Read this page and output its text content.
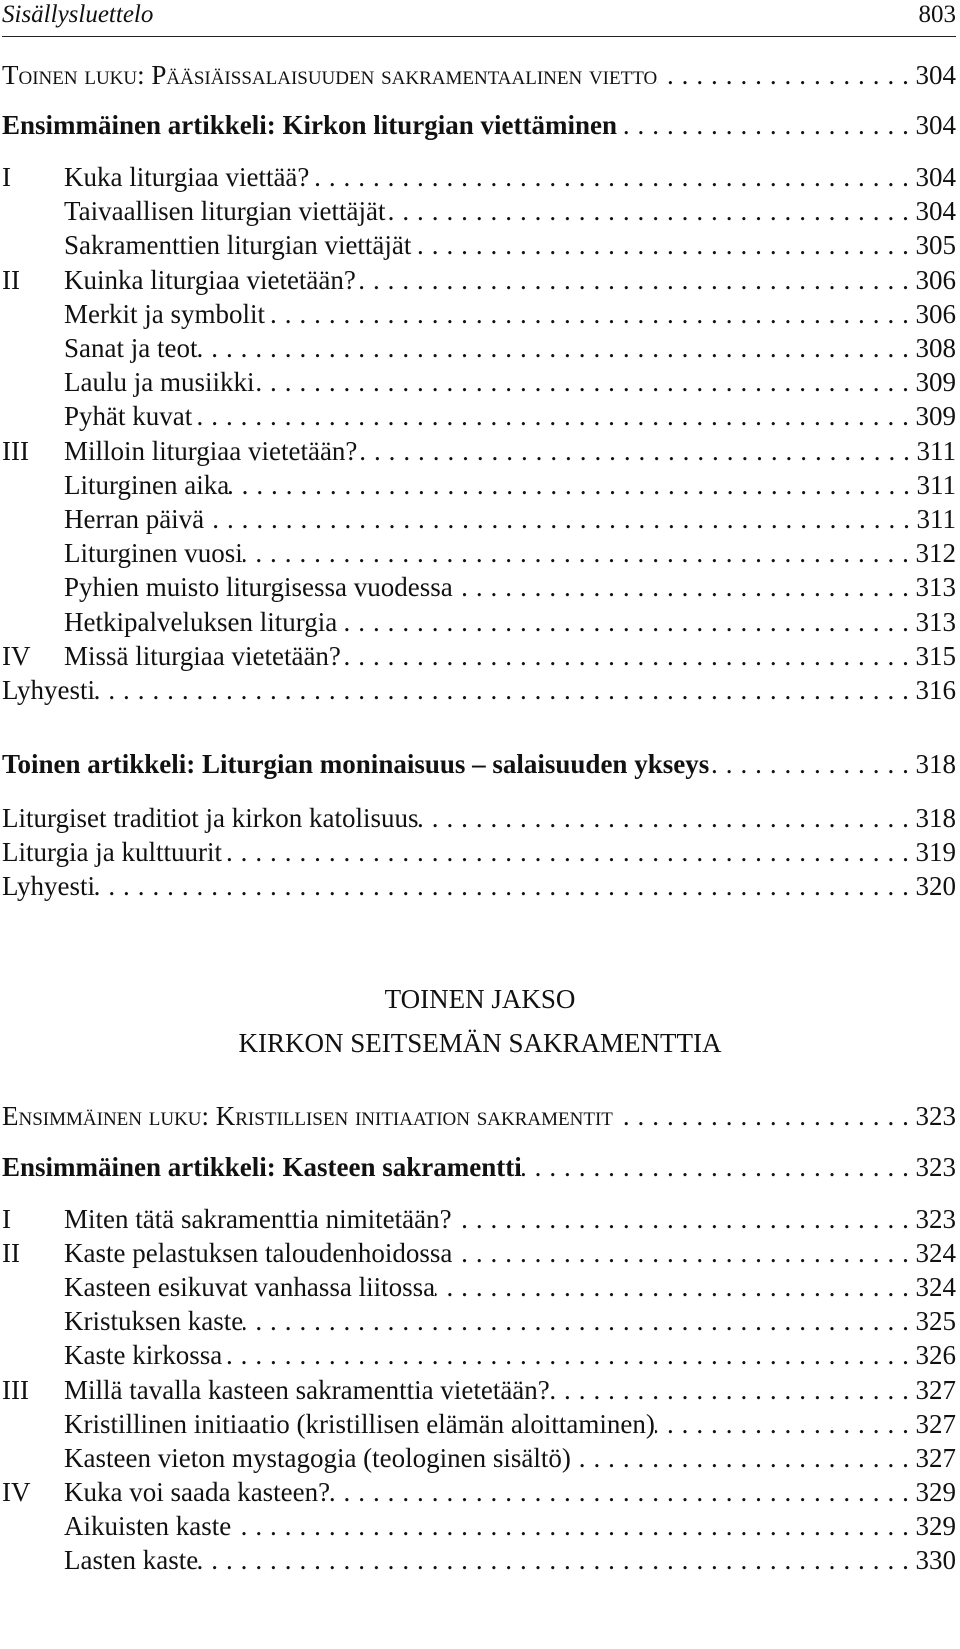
Sisällysluettelo	803
Toinen luku: Pääsiäissalaisuuden sakramentaalinen vietto . . .	304
Ensimmäinen artikkeli: Kirkon liturgian viettäminen . . .	304
I	Kuka liturgiaa viettää? . . .	304
Taivaallisen liturgian viettäjät . . .	304
Sakramenttien liturgian viettäjät . . .	305
II	Kuinka liturgiaa vietetään? . . .	306
Merkit ja symbolit . . .	306
Sanat ja teot . . .	308
Laulu ja musiikki . . .	309
Pyhät kuvat . . .	309
III	Milloin liturgiaa vietetään? . . .	311
Liturginen aika . . .	311
Herran päivä . . .	311
Liturginen vuosi . . .	312
Pyhien muisto liturgisessa vuodessa . . .	313
Hetkipalveluksen liturgia . . .	313
IV	Missä liturgiaa vietetään? . . .	315
Lyhyesti . . .	316
Toinen artikkeli: Liturgian moninaisuus – salaisuuden ykseys . . .	318
Liturgiset traditiot ja kirkon katolisuus . . .	318
Liturgia ja kulttuurit . . .	319
Lyhyesti . . .	320
TOINEN JAKSO
KIRKON SEITSEMÄN SAKRAMENTTIA
Ensimmäinen luku: Kristillisen initiaation sakramentit . . .	323
Ensimmäinen artikkeli: Kasteen sakramentti . . .	323
I	Miten tätä sakramenttia nimitetään? . . .	323
II	Kaste pelastuksen taloudenhoidossa . . .	324
Kasteen esikuvat vanhassa liitossa . . .	324
Kristuksen kaste . . .	325
Kaste kirkossa . . .	326
III	Millä tavalla kasteen sakramenttia vietetään? . . .	327
Kristillinen initiaatio (kristillisen elämän aloittaminen) . . .	327
Kasteen vieton mystagogia (teologinen sisältö) . . .	327
IV	Kuka voi saada kasteen? . . .	329
Aikuisten kaste . . .	329
Lasten kaste . . .	330
